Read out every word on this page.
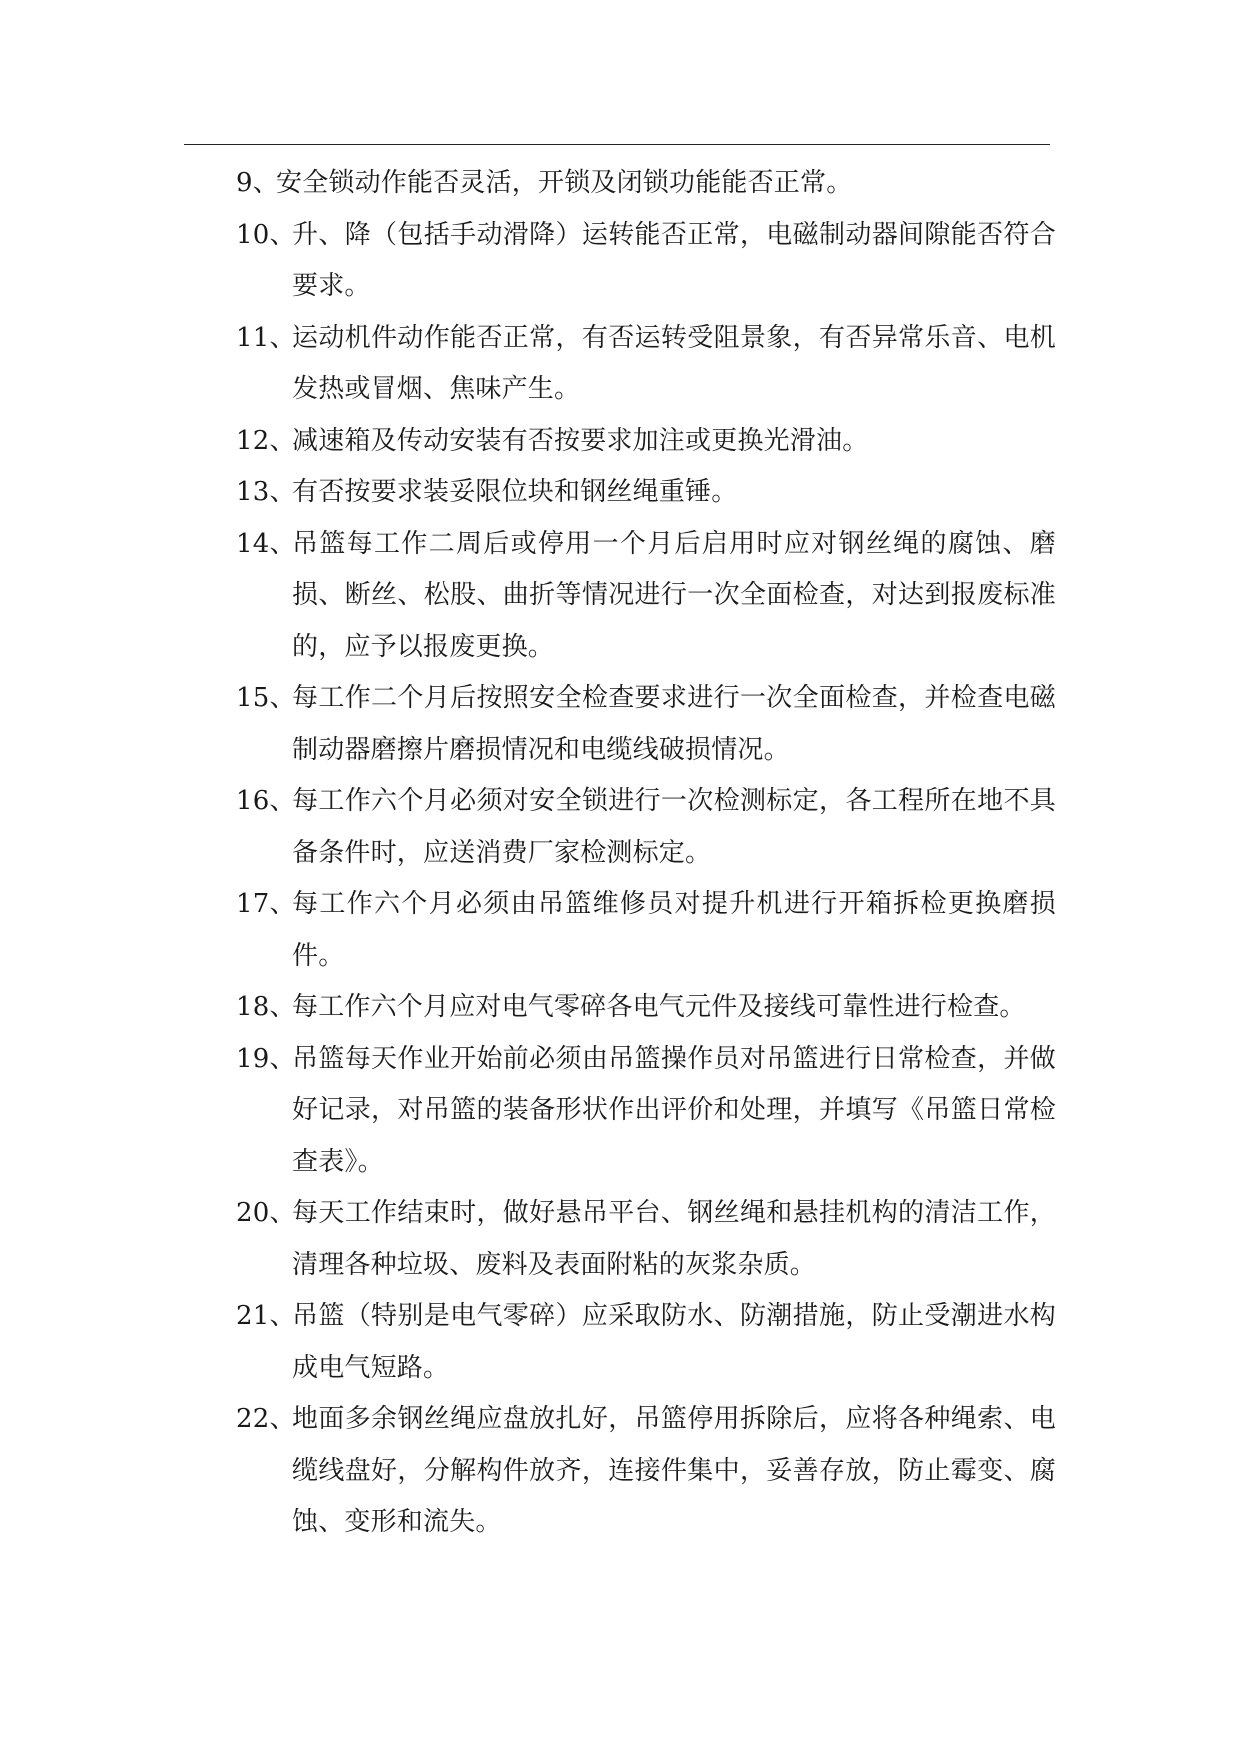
9、
安全锁动作能否灵活，开锁及闭锁功能能否正常。
10、
升、降（包括手动滑降）运转能否正常，电磁制动器间隙能否符合要求。
11、
运动机件动作能否正常，有否运转受阻景象，有否异常乐音、电机发热或冒烟、焦味产生。
12、
减速箱及传动安装有否按要求加注或更换光滑油。
13、
有否按要求装妥限位块和钢丝绳重锤。
14、
吊篮每工作二周后或停用一个月后启用时应对钢丝绳的腐蚀、磨损、断丝、松股、曲折等情况进行一次全面检查，对达到报废标准的，应予以报废更换。
15、
每工作二个月后按照安全检查要求进行一次全面检查，并检查电磁制动器磨擦片磨损情况和电缆线破损情况。
16、
每工作六个月必须对安全锁进行一次检测标定，各工程所在地不具备条件时，应送消费厂家检测标定。
17、
每工作六个月必须由吊篮维修员对提升机进行开箱拆检更换磨损件。
18、
每工作六个月应对电气零碎各电气元件及接线可靠性进行检查。
19、
吊篮每天作业开始前必须由吊篮操作员对吊篮进行日常检查，并做好记录，对吊篮的装备形状作出评价和处理，并填写《吊篮日常检查表》。
20、
每天工作结束时，做好悬吊平台、钢丝绳和悬挂机构的清洁工作，清理各种垃圾、废料及表面附粘的灰浆杂质。
21、
吊篮（特别是电气零碎）应采取防水、防潮措施，防止受潮进水构成电气短路。
22、
地面多余钢丝绳应盘放扎好，吊篮停用拆除后，应将各种绳索、电缆线盘好，分解构件放齐，连接件集中，妥善存放，防止霉变、腐蚀、变形和流失。
